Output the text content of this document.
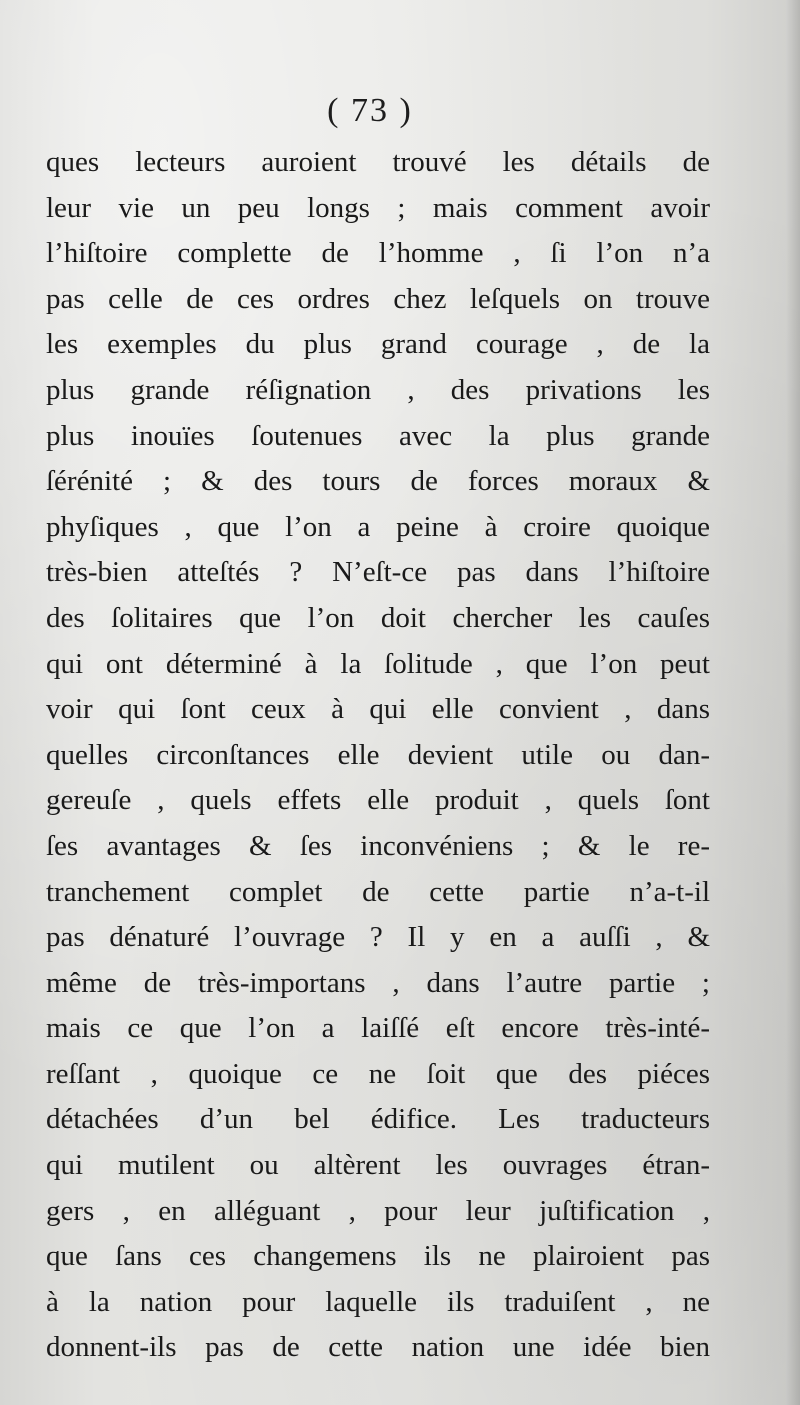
( 73 )
ques lecteurs auroient trouvé les détails de
leur vie un peu longs ; mais comment avoir
l’hiſtoire complette de l’homme , ſi l’on n’a
pas celle de ces ordres chez leſquels on trouve
les exemples du plus grand courage , de la
plus grande réſignation , des privations les
plus inouïes ſoutenues avec la plus grande
ſérénité ; & des tours de forces moraux &
phyſiques , que l’on a peine à croire quoique
très-bien atteſtés ? N’eſt-ce pas dans l’hiſtoire
des ſolitaires que l’on doit chercher les cauſes
qui ont déterminé à la ſolitude , que l’on peut
voir qui ſont ceux à qui elle convient , dans
quelles circonſtances elle devient utile ou dan-
gereuſe , quels effets elle produit , quels ſont
ſes avantages & ſes inconvéniens ; & le re-
tranchement complet de cette partie n’a-t-il
pas dénaturé l’ouvrage ? Il y en a auſſi , &
même de très-importans , dans l’autre partie ;
mais ce que l’on a laiſſé eſt encore très-inté-
reſſant , quoique ce ne ſoit que des piéces
détachées d’un bel édifice. Les traducteurs
qui mutilent ou altèrent les ouvrages étran-
gers , en alléguant , pour leur juſtification ,
que ſans ces changemens ils ne plairoient pas
à la nation pour laquelle ils traduiſent , ne
donnent-ils pas de cette nation une idée bien
